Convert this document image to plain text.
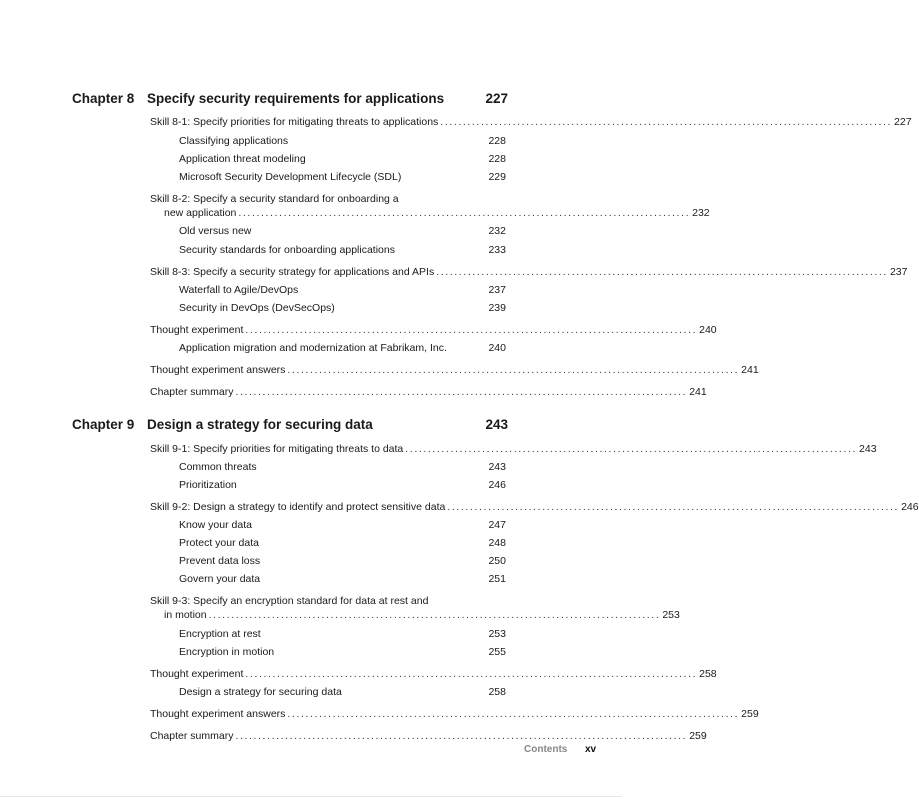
Chapter 8 Specify security requirements for applications	227
Skill 8-1: Specify priorities for mitigating threats to applications .................................................................................................... 227
Classifying applications	228
Application threat modeling	228
Microsoft Security Development Lifecycle (SDL)	229
Skill 8-2: Specify a security standard for onboarding a
new application .................................................................................................... 232
Old versus new	232
Security standards for onboarding applications	233
Skill 8-3: Specify a security strategy for applications and APIs .................................................................................................... 237
Waterfall to Agile/DevOps	237
Security in DevOps (DevSecOps)	239
Thought experiment .................................................................................................... 240
Application migration and modernization at Fabrikam, Inc.	240
Thought experiment answers .................................................................................................... 241
Chapter summary .................................................................................................... 241
Chapter 9 Design a strategy for securing data	243
Skill 9-1: Specify priorities for mitigating threats to data .................................................................................................... 243
Common threats	243
Prioritization	246
Skill 9-2: Design a strategy to identify and protect sensitive data .................................................................................................... 246
Know your data	247
Protect your data	248
Prevent data loss	250
Govern your data	251
Skill 9-3: Specify an encryption standard for data at rest and
in motion .................................................................................................... 253
Encryption at rest	253
Encryption in motion	255
Thought experiment .................................................................................................... 258
Design a strategy for securing data	258
Thought experiment answers .................................................................................................... 259
Chapter summary .................................................................................................... 259
Contents xv
